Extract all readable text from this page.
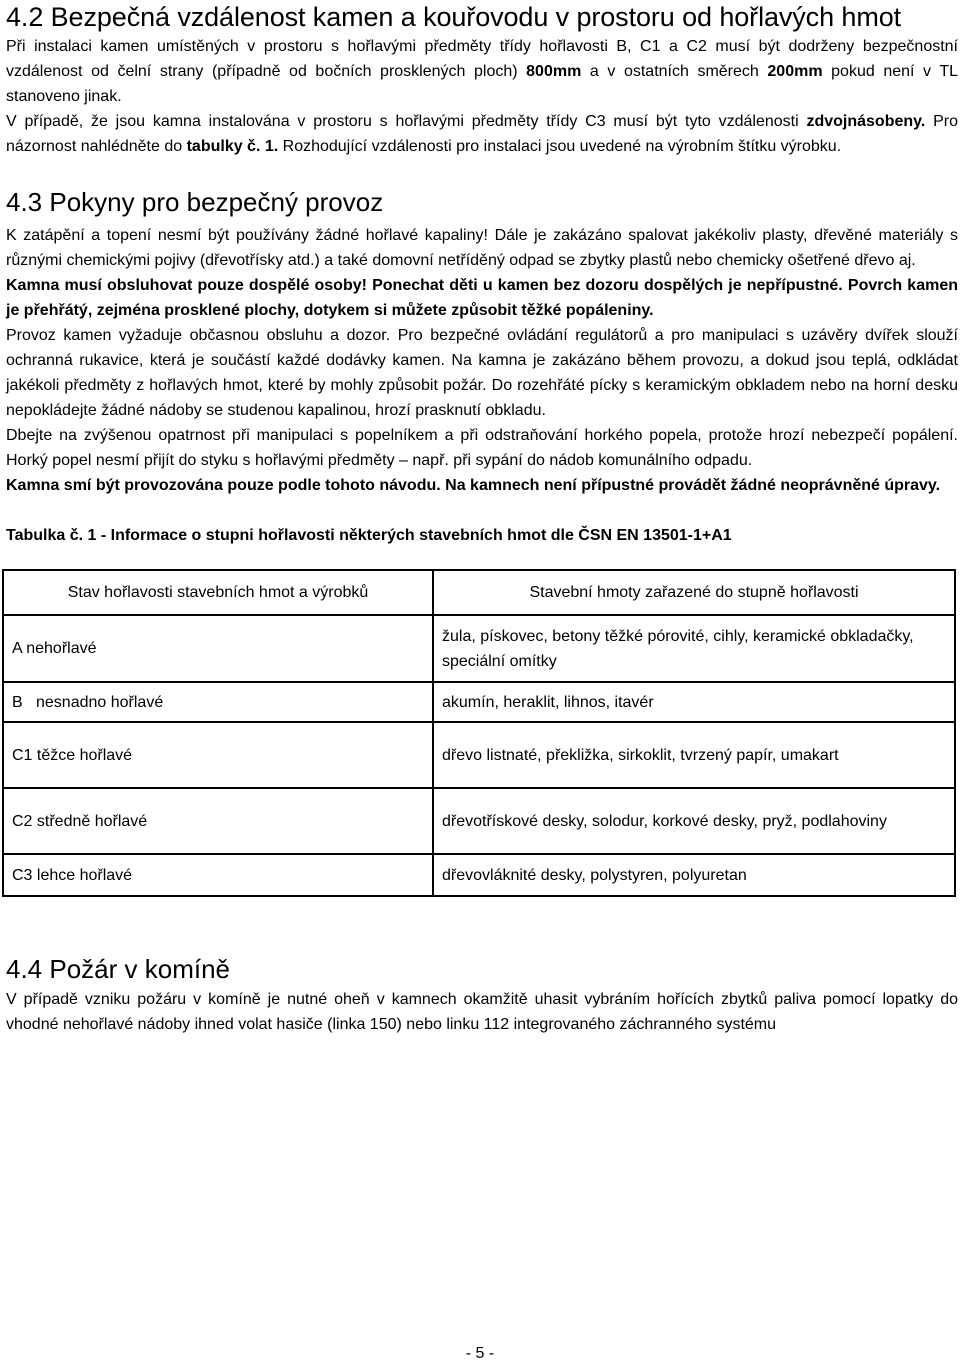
4.2 Bezpečná vzdálenost kamen a kouřovodu v prostoru od hořlavých hmot

Při instalaci kamen umístěných v prostoru s hořlavými předměty třídy hořlavosti B, C1 a C2 musí být dodrženy bezpečnostní vzdálenost od čelní strany (případně od bočních prosklených ploch) 800mm a v ostatních směrech 200mm pokud není v TL stanoveno jinak.

V případě, že jsou kamna instalována v prostoru s hořlavými předměty třídy C3 musí být tyto vzdálenosti zdvojnásobeny. Pro názornost nahlédněte do tabulky č. 1. Rozhodující vzdálenosti pro instalaci jsou uvedené na výrobním štítku výrobku.

4.3 Pokyny pro bezpečný provoz

K zatápění a topení nesmí být používány žádné hořlavé kapaliny! Dále je zakázáno spalovat jakékoliv plasty, dřevěné materiály s různými chemickými pojivy (dřevotřísky atd.) a také domovní netříděný odpad se zbytky plastů nebo chemicky ošetřené dřevo aj.

Kamna musí obsluhovat pouze dospělé osoby! Ponechat děti u kamen bez dozoru dospělých je nepřípustné. Povrch kamen je přehřátý, zejména prosklené plochy, dotykem si můžete způsobit těžké popáleniny.

Provoz kamen vyžaduje občasnou obsluhu a dozor. Pro bezpečné ovládání regulátorů a pro manipulaci s uzávěry dvířek slouží ochranná rukavice, která je součástí každé dodávky kamen. Na kamna je zakázáno během provozu, a dokud jsou teplá, odkládat jakékoli předměty z hořlavých hmot, které by mohly způsobit požár. Do rozehřáté pícky s keramickým obkladem nebo na horní desku nepokládejte žádné nádoby se studenou kapalinou, hrozí prasknutí obkladu.

Dbejte na zvýšenou opatrnost při manipulaci s popelníkem a při odstraňování horkého popela, protože hrozí nebezpečí popálení. Horký popel nesmí přijít do styku s hořlavými předměty – např. při sypání do nádob komunálního odpadu.

Kamna smí být provozována pouze podle tohoto návodu. Na kamnech není přípustné provádět žádné neoprávněné úpravy.

Tabulka č. 1 - Informace o stupni hořlavosti některých stavebních hmot dle ČSN EN 13501-1+A1

Stav hořlavosti stavebních hmot a výrobků	Stavební hmoty zařazené do stupně hořlavosti
A nehořlavé	žula, pískovec, betony těžké pórovité, cihly, keramické obkladačky, speciální omítky
B   nesnadno hořlavé	akumín, heraklit, lihnos, itavér
C1 těžce hořlavé	dřevo listnaté, překližka, sirkoklit, tvrzený papír, umakart
C2 středně hořlavé	dřevotřískové desky, solodur, korkové desky, pryž, podlahoviny
C3 lehce hořlavé	dřevovláknité desky, polystyren, polyuretan
4.4 Požár v komíně

V případě vzniku požáru v komíně je nutné oheň v kamnech okamžitě uhasit vybráním hořících zbytků paliva pomocí lopatky do vhodné nehořlavé nádoby ihned volat hasiče (linka 150) nebo linku 112 integrovaného záchranného systému

- 5 -
